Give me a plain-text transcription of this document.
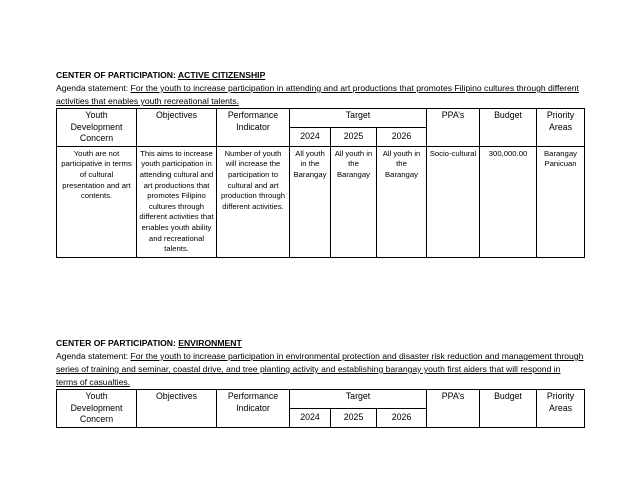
CENTER OF PARTICIPATION: ACTIVE CITIZENSHIP
Agenda statement: For the youth to increase participation in attending and art productions that promotes Filipino cultures through different activities that enables youth recreational talents.
Youth Development Concern	Objectives	Performance Indicator	Target			PPA’s	Budget	Priority Areas
			2024	2025	2026			
Youth are not participative in terms of cultural presentation and art contents.	This aims to increase youth participation in attending cultural and art productions that promotes Filipino cultures through different activities that enables youth ability and recreational talents.	Number of youth will increase the participation to cultural and art production through different activities.	All youth in the Barangay	All youth in the Barangay	All youth in the Barangay	Socio-cultural	300,000.00	Barangay Panicuan
CENTER OF PARTICIPATION: ENVIRONMENT
Agenda statement: For the youth to increase participation in environmental protection and disaster risk reduction and management through series of training and seminar, coastal drive, and tree planting activity and establishing barangay youth first aiders that will respond in terms of casualties.
Youth Development Concern	Objectives	Performance Indicator	Target			PPA’s	Budget	Priority Areas
			2024	2025	2026			
